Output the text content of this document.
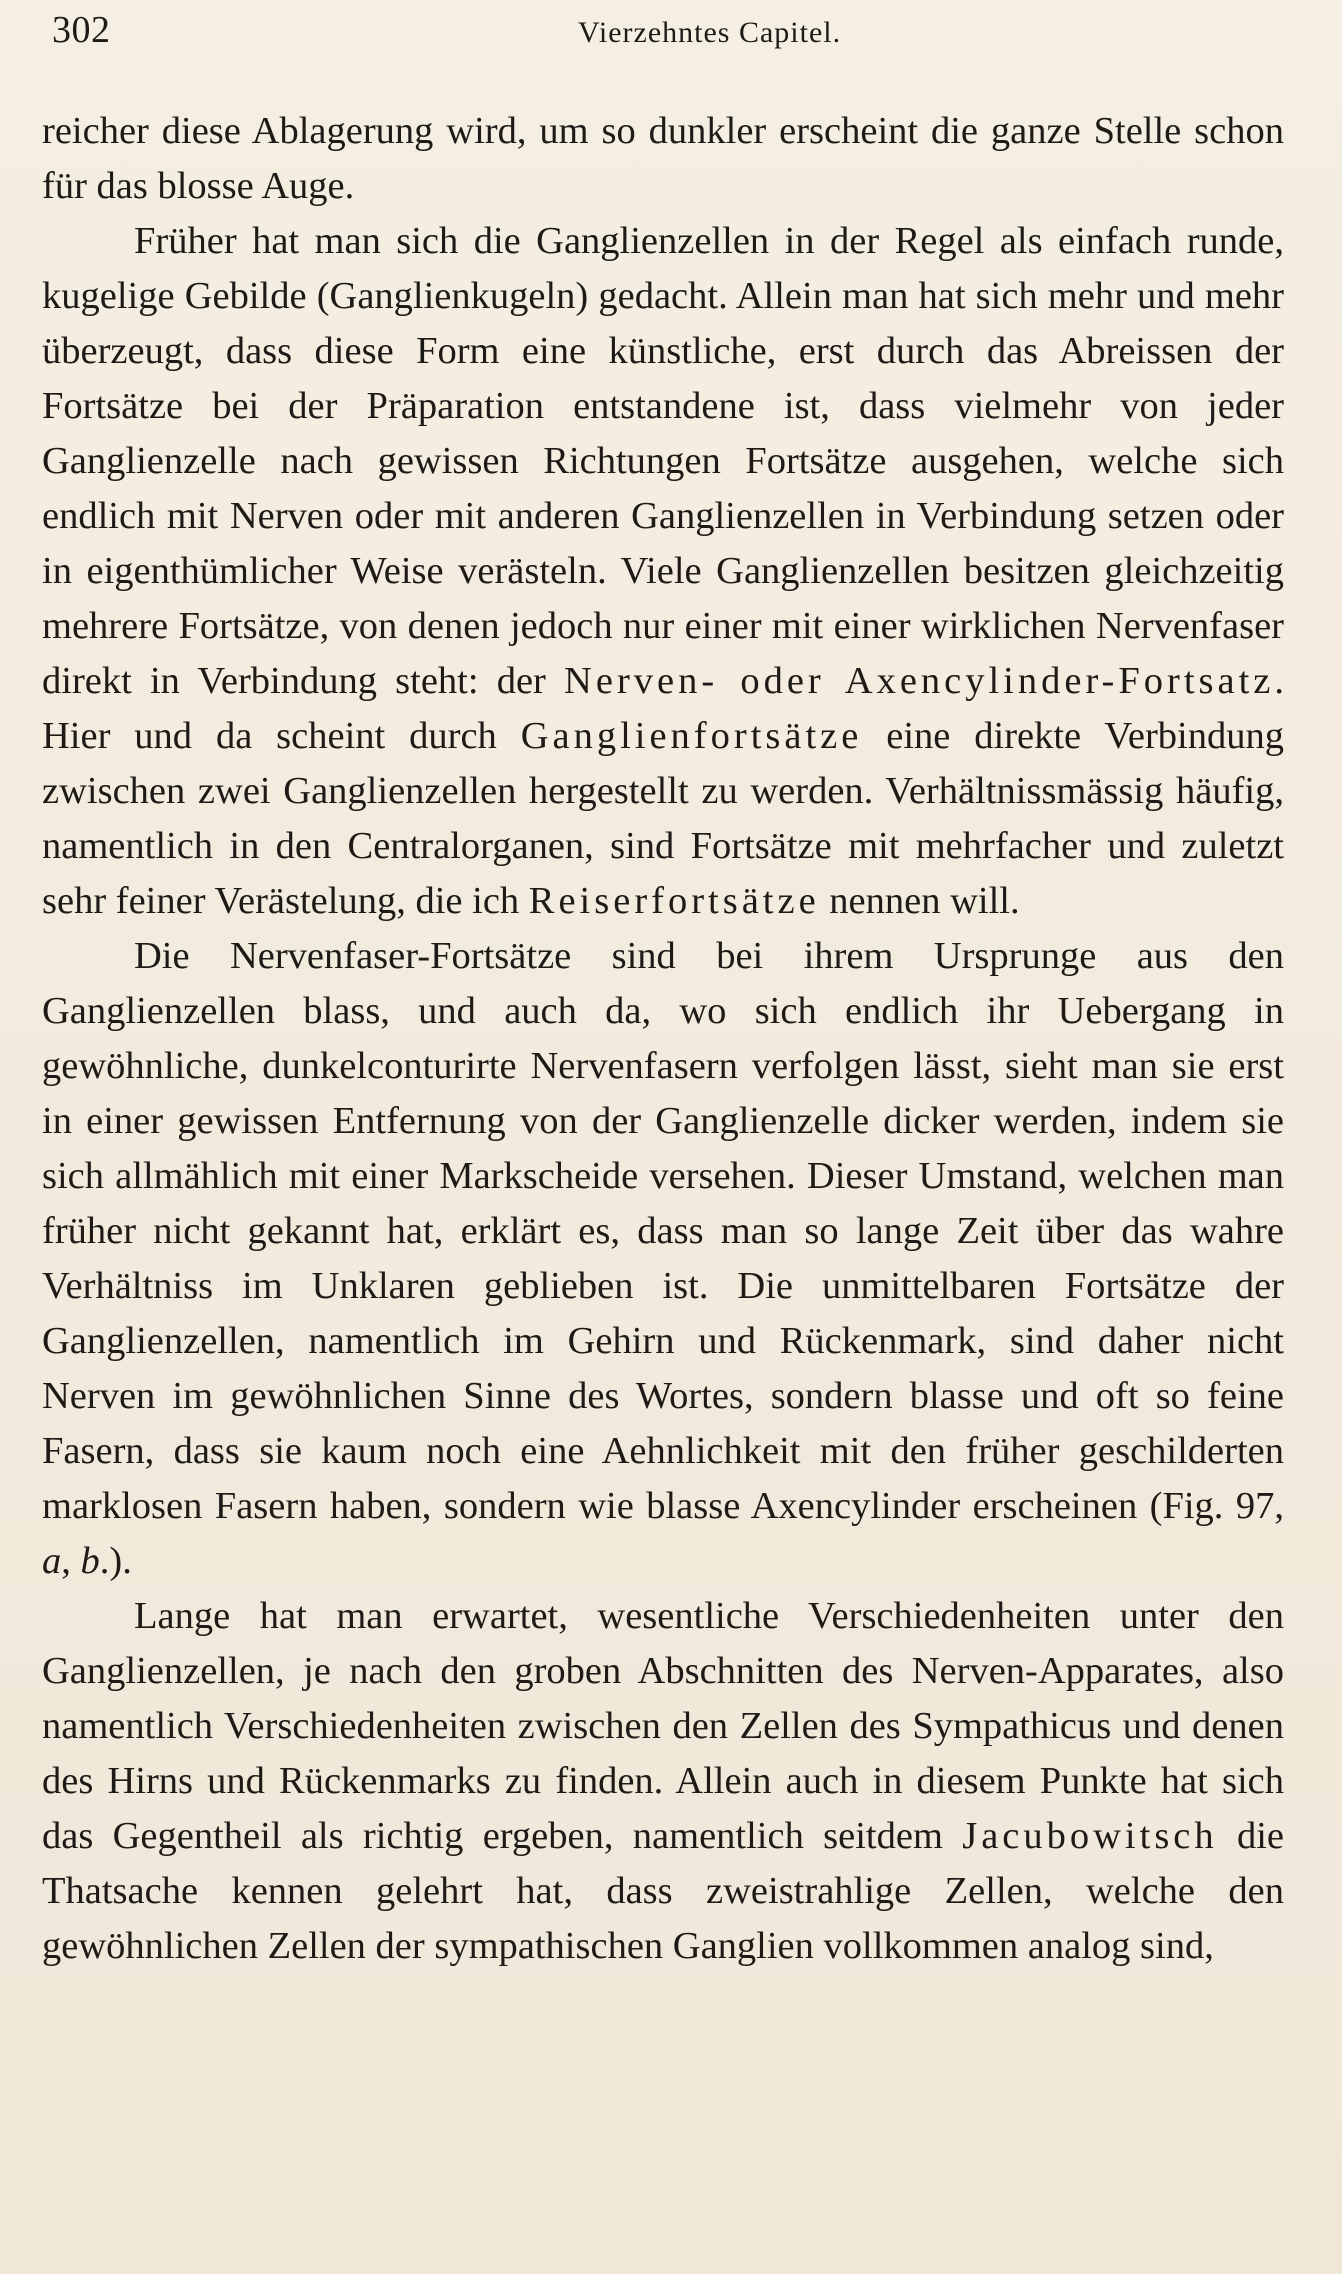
302	Vierzehntes Capitel.

reicher diese Ablagerung wird, um so dunkler erscheint die ganze Stelle schon für das blosse Auge.

Früher hat man sich die Ganglienzellen in der Regel als einfach runde, kugelige Gebilde (Ganglienkugeln) gedacht. Allein man hat sich mehr und mehr überzeugt, dass diese Form eine künstliche, erst durch das Abreissen der Fortsätze bei der Präparation entstandene ist, dass vielmehr von jeder Ganglienzelle nach gewissen Richtungen Fortsätze ausgehen, welche sich endlich mit Nerven oder mit anderen Ganglienzellen in Verbindung setzen oder in eigenthümlicher Weise verästeln. Viele Ganglienzellen besitzen gleichzeitig mehrere Fortsätze, von denen jedoch nur einer mit einer wirklichen Nervenfaser direkt in Verbindung steht: der Nerven- oder Axencylinder-Fortsatz. Hier und da scheint durch Ganglienfortsätze eine direkte Verbindung zwischen zwei Ganglienzellen hergestellt zu werden. Verhältnissmässig häufig, namentlich in den Centralorganen, sind Fortsätze mit mehrfacher und zuletzt sehr feiner Verästelung, die ich Reiserfortsätze nennen will.

Die Nervenfaser-Fortsätze sind bei ihrem Ursprunge aus den Ganglienzellen blass, und auch da, wo sich endlich ihr Uebergang in gewöhnliche, dunkelconturirte Nervenfasern verfolgen lässt, sieht man sie erst in einer gewissen Entfernung von der Ganglienzelle dicker werden, indem sie sich allmählich mit einer Markscheide versehen. Dieser Umstand, welchen man früher nicht gekannt hat, erklärt es, dass man so lange Zeit über das wahre Verhältniss im Unklaren geblieben ist. Die unmittelbaren Fortsätze der Ganglienzellen, namentlich im Gehirn und Rückenmark, sind daher nicht Nerven im gewöhnlichen Sinne des Wortes, sondern blasse und oft so feine Fasern, dass sie kaum noch eine Aehnlichkeit mit den früher geschilderten marklosen Fasern haben, sondern wie blasse Axencylinder erscheinen (Fig. 97, a, b.).

Lange hat man erwartet, wesentliche Verschiedenheiten unter den Ganglienzellen, je nach den groben Abschnitten des Nerven-Apparates, also namentlich Verschiedenheiten zwischen den Zellen des Sympathicus und denen des Hirns und Rückenmarks zu finden. Allein auch in diesem Punkte hat sich das Gegentheil als richtig ergeben, namentlich seitdem Jacubowitsch die Thatsache kennen gelehrt hat, dass zweistrahlige Zellen, welche den gewöhnlichen Zellen der sympathischen Ganglien vollkommen analog sind,
